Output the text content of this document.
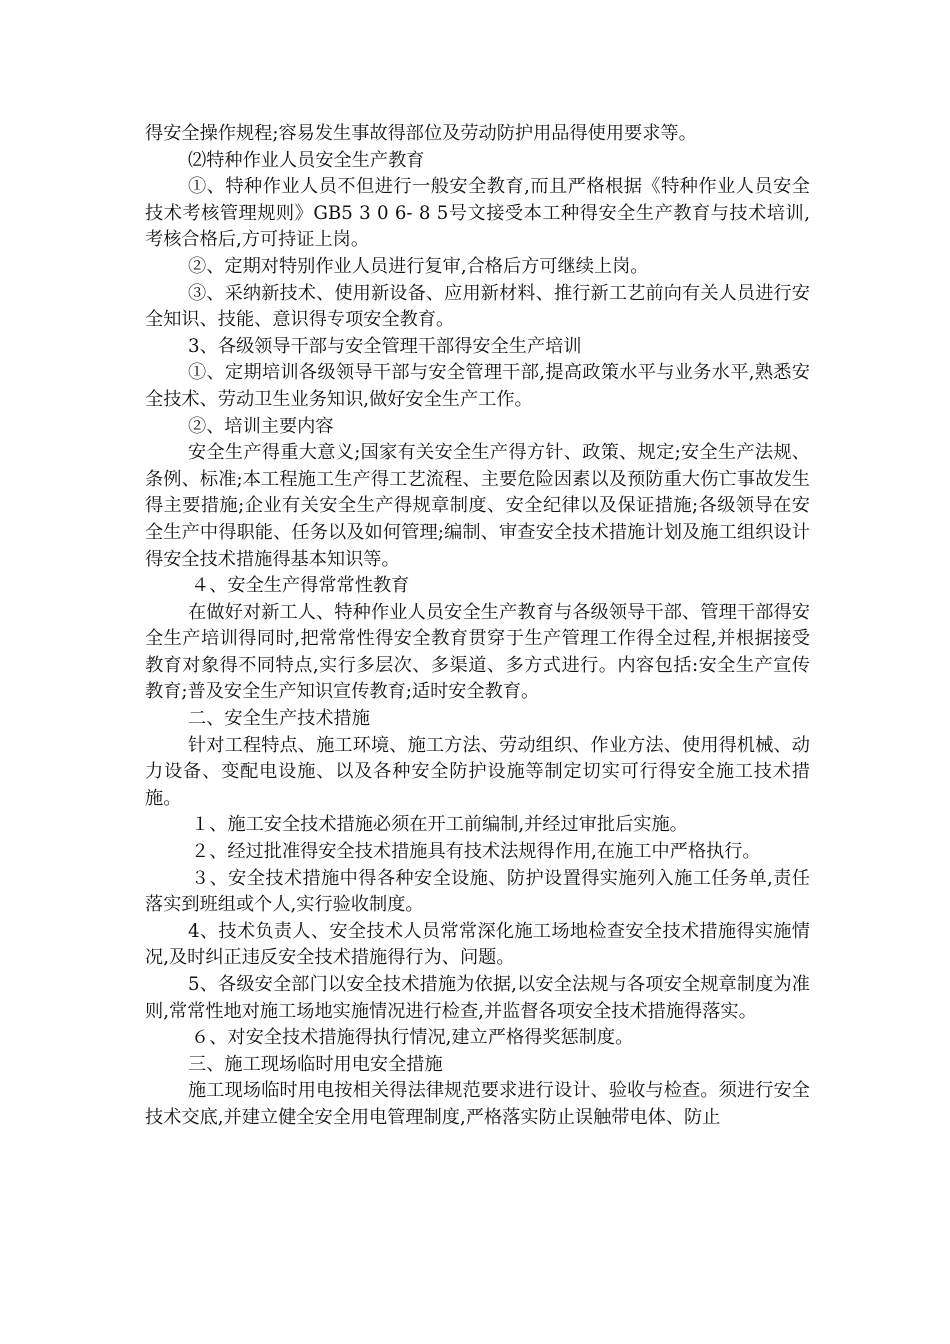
得安全操作规程;容易发生事故得部位及劳动防护用品得使用要求等。

⑵特种作业人员安全生产教育

①、特种作业人员不但进行一般安全教育,而且严格根据《特种作业人员安全技术考核管理规则》GB5 3 0 6- 8 5号文接受本工种得安全生产教育与技术培训,考核合格后,方可持证上岗。

②、定期对特别作业人员进行复审,合格后方可继续上岗。

③、采纳新技术、使用新设备、应用新材料、推行新工艺前向有关人员进行安全知识、技能、意识得专项安全教育。

3、各级领导干部与安全管理干部得安全生产培训

①、定期培训各级领导干部与安全管理干部,提高政策水平与业务水平,熟悉安全技术、劳动卫生业务知识,做好安全生产工作。

②、培训主要内容

安全生产得重大意义;国家有关安全生产得方针、政策、规定;安全生产法规、条例、标准;本工程施工生产得工艺流程、主要危险因素以及预防重大伤亡事故发生得主要措施;企业有关安全生产得规章制度、安全纪律以及保证措施;各级领导在安全生产中得职能、任务以及如何管理;编制、审查安全技术措施计划及施工组织设计得安全技术措施得基本知识等。

４、安全生产得常常性教育

在做好对新工人、特种作业人员安全生产教育与各级领导干部、管理干部得安全生产培训得同时,把常常性得安全教育贯穿于生产管理工作得全过程,并根据接受教育对象得不同特点,实行多层次、多渠道、多方式进行。内容包括:安全生产宣传教育;普及安全生产知识宣传教育;适时安全教育。

二、安全生产技术措施

针对工程特点、施工环境、施工方法、劳动组织、作业方法、使用得机械、动力设备、变配电设施、以及各种安全防护设施等制定切实可行得安全施工技术措施。

１、施工安全技术措施必须在开工前编制,并经过审批后实施。

２、经过批准得安全技术措施具有技术法规得作用,在施工中严格执行。

３、安全技术措施中得各种安全设施、防护设置得实施列入施工任务单,责任落实到班组或个人,实行验收制度。

4、技术负责人、安全技术人员常常深化施工场地检查安全技术措施得实施情况,及时纠正违反安全技术措施得行为、问题。

5、各级安全部门以安全技术措施为依据,以安全法规与各项安全规章制度为准则,常常性地对施工场地实施情况进行检查,并监督各项安全技术措施得落实。

６、对安全技术措施得执行情况,建立严格得奖惩制度。

三、施工现场临时用电安全措施

施工现场临时用电按相关得法律规范要求进行设计、验收与检查。须进行安全技术交底,并建立健全安全用电管理制度,严格落实防止误触带电体、防止
